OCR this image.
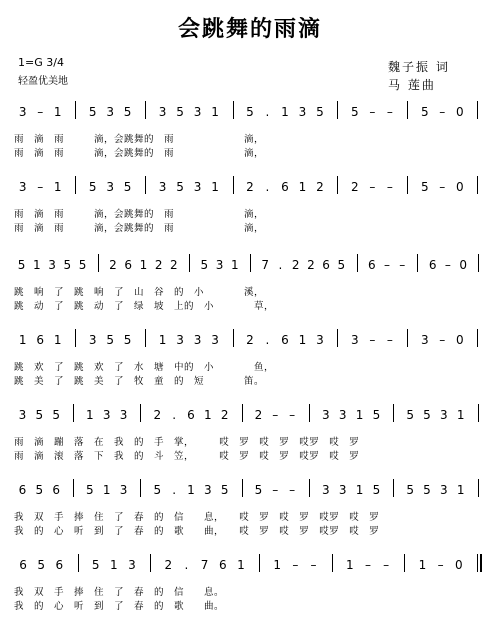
会跳舞的雨滴
1=G 3/4
轻盈优美地
魏子振 词
马 莲曲
3 – 1 5 3 5 3 5 3 1 5 . 1 3 5 5 – – 5 – 0
雨　滴　雨　　　滴，会跳舞的　雨　　　　　　　滴，
雨　滴　雨　　　滴，会跳舞的　雨　　　　　　　滴，
3 – 1 5 3 5 3 5 3 1 2 . 6 1 2 2 – – 5 – 0
雨　滴　雨　　　滴，会跳舞的　雨　　　　　　　滴，
雨　滴　雨　　　滴，会跳舞的　雨　　　　　　　滴，
5 1 3 5 5 2 6 1 2 2 5 3 1 7 . 2 2 6 5 6 – – 6 – 0
跳　响　了　跳　响　了　山　谷　的　小　　　　溪，
跳　动　了　跳　动　了　绿　坡　上的　小　　　　草，
1 6 1 3 5 5 1 3 3 3 2 . 6 1 3 3 – – 3 – 0
跳　欢　了　跳　欢　了　水　塘　中的　小　　　　鱼，
跳　美　了　跳　美　了　牧　童　的　短　　　　笛。
3 5 5 1 3 3 2 . 6 1 2 2 – – 3 3 1 5 5 5 3 1
雨　滴　蹦　落　在　我　的　手　掌，　　　哎　罗　哎　罗　哎罗　哎　罗
雨　滴　滚　落　下　我　的　斗　笠，　　　哎　罗　哎　罗　哎罗　哎　罗
6 5 6 5 1 3 5 . 1 3 5 5 – – 3 3 1 5 5 5 3 1
我　双　手　捧　住　了　春　的　信　　息，　　哎　罗　哎　罗　哎罗　哎　罗
我　的　心　听　到　了　春　的　歌　　曲，　　哎　罗　哎　罗　哎罗　哎　罗
6 5 6 5 1 3 2 . 7 6 1 1 – – 1 – – 1 – 0
我　双　手　捧　住　了　春　的　信　　息。
我　的　心　听　到　了　春　的　歌　　曲。
